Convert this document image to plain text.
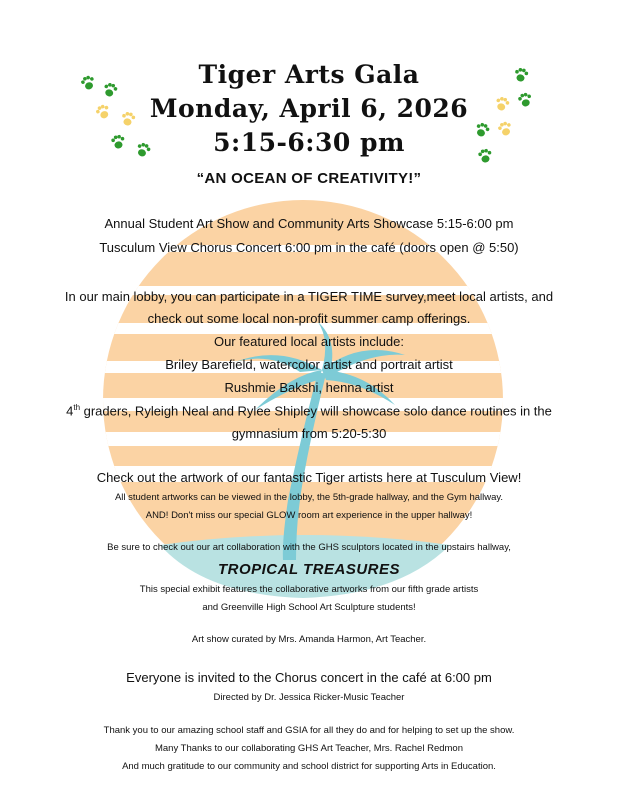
Tiger Arts Gala
Monday, April 6, 2026
5:15-6:30 pm
“AN OCEAN OF CREATIVITY!”
Annual Student Art Show and Community Arts Showcase 5:15-6:00 pm
Tusculum View Chorus Concert 6:00 pm in the café (doors open @ 5:50)
In our main lobby, you can participate in a TIGER TIME survey,meet local artists, and
check out some local non-profit summer camp offerings.
Our featured local artists include:
Briley Barefield, watercolor artist and portrait artist
Rushmie Bakshi, henna artist
4th graders, Ryleigh Neal and Rylee Shipley will showcase solo dance routines in the
gymnasium from 5:20-5:30
Check out the artwork of our fantastic Tiger artists here at Tusculum View!
All student artworks can be viewed in the lobby, the 5th-grade hallway, and the Gym hallway.
AND! Don't miss our special GLOW room art experience in the upper hallway!
Be sure to check out our art collaboration with the GHS sculptors located in the upstairs hallway,
TROPICAL TREASURES
This special exhibit features the collaborative artworks from our fifth grade artists
and Greenville High School Art Sculpture students!
Art show curated by Mrs. Amanda Harmon, Art Teacher.
Everyone is invited to the Chorus concert in the café at 6:00 pm
Directed by Dr. Jessica Ricker-Music Teacher
Thank you to our amazing school staff and GSIA for all they do and for helping to set up the show.
Many Thanks to our collaborating GHS Art Teacher, Mrs. Rachel Redmon
And much gratitude to our community and school district for supporting Arts in Education.
